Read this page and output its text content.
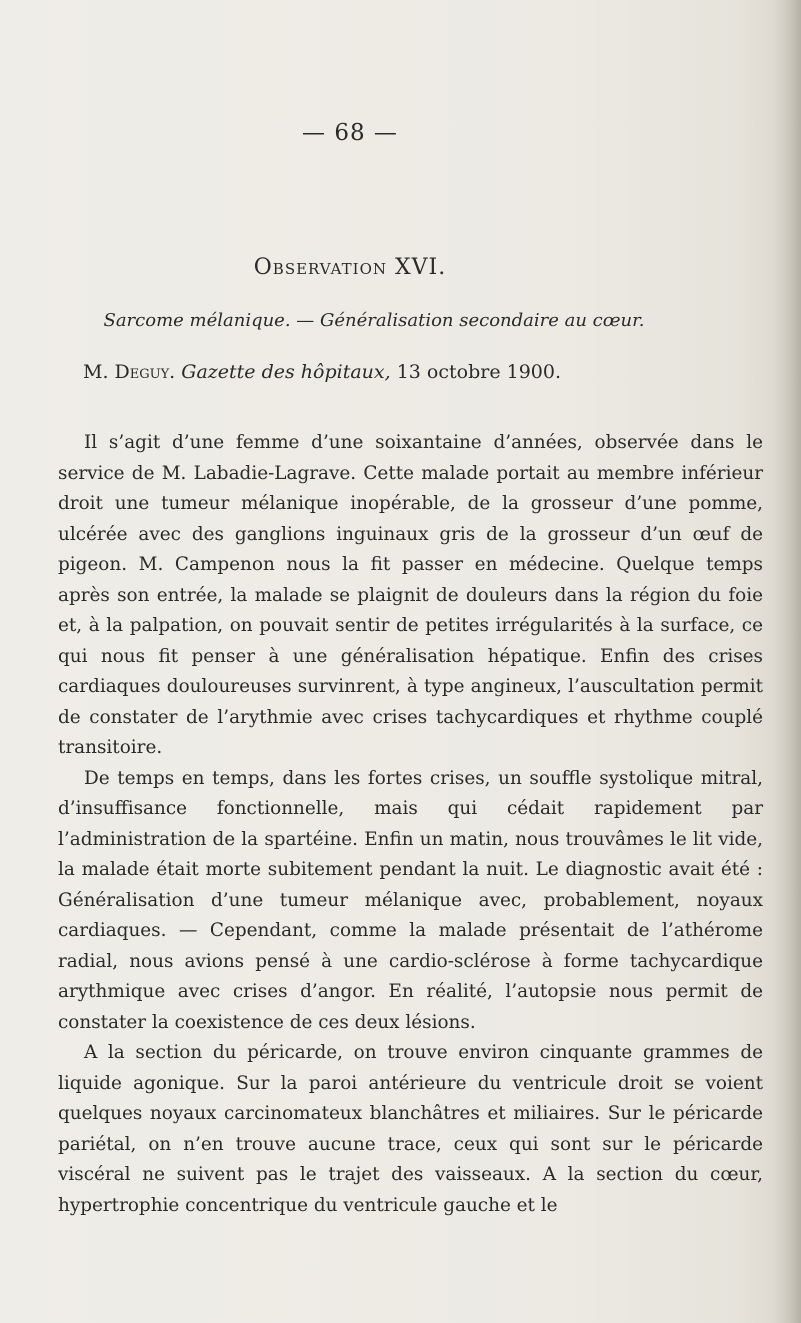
— 68 —
Observation XVI.
Sarcome mélanique. — Généralisation secondaire au cœur.
M. Deguy. Gazette des hôpitaux, 13 octobre 1900.

Il s’agit d’une femme d’une soixantaine d’années, observée dans le service de M. Labadie-Lagrave. Cette malade portait au membre inférieur droit une tumeur mélanique inopérable, de la grosseur d’une pomme, ulcérée avec des ganglions inguinaux gris de la grosseur d’un œuf de pigeon. M. Campenon nous la fit passer en médecine. Quelque temps après son entrée, la malade se plaignit de douleurs dans la région du foie et, à la palpation, on pouvait sentir de petites irrégularités à la surface, ce qui nous fit penser à une généralisation hépatique. Enfin des crises cardiaques douloureuses survinrent, à type angineux, l’auscultation permit de constater de l’arythmie avec crises tachycardiques et rhythme couplé transitoire.

De temps en temps, dans les fortes crises, un souffle systolique mitral, d’insuffisance fonctionnelle, mais qui cédait rapidement par l’administration de la spartéine. Enfin un matin, nous trouvâmes le lit vide, la malade était morte subitement pendant la nuit. Le diagnostic avait été : Généralisation d’une tumeur mélanique avec, probablement, noyaux cardiaques. — Cependant, comme la malade présentait de l’athérome radial, nous avions pensé à une cardio-sclérose à forme tachycardique arythmique avec crises d’angor. En réalité, l’autopsie nous permit de constater la coexistence de ces deux lésions.

A la section du péricarde, on trouve environ cinquante grammes de liquide agonique. Sur la paroi antérieure du ventricule droit se voient quelques noyaux carcinomateux blanchâtres et miliaires. Sur le péricarde pariétal, on n’en trouve aucune trace, ceux qui sont sur le péricarde viscéral ne suivent pas le trajet des vaisseaux. A la section du cœur, hypertrophie concentrique du ventricule gauche et le
